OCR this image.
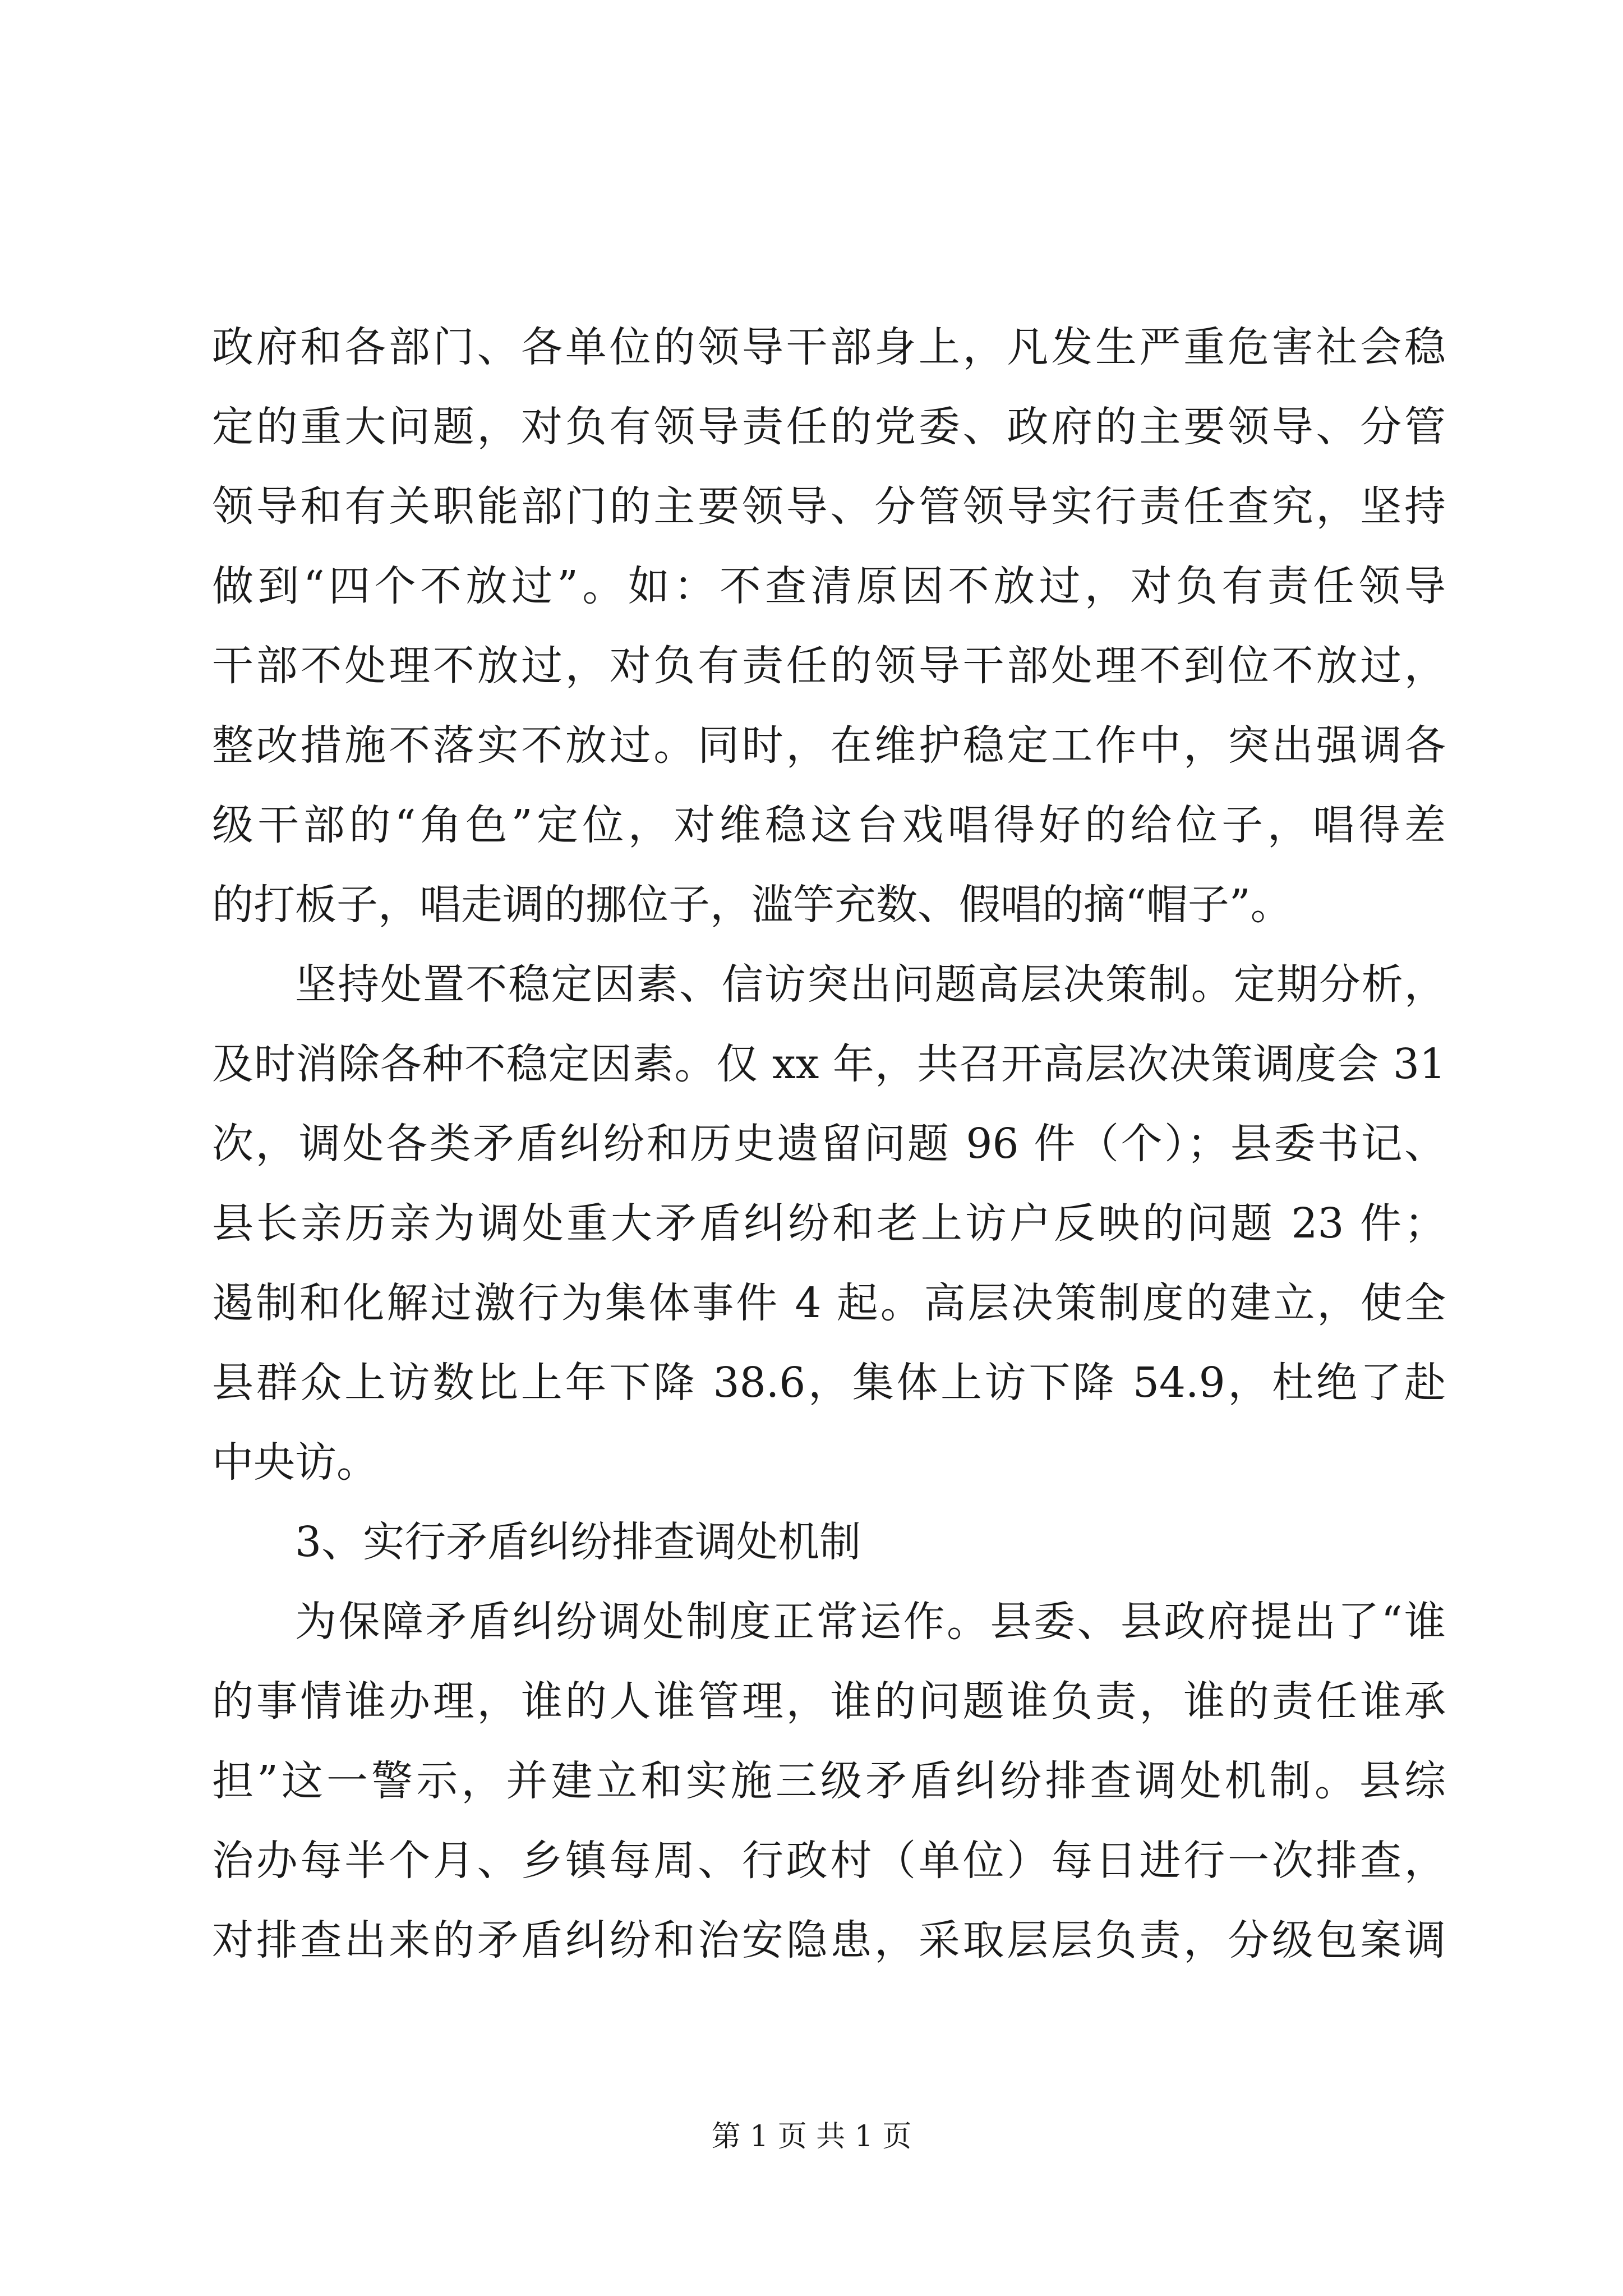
政府和各部门、各单位的领导干部身上，凡发生严重危害社会稳
定的重大问题，对负有领导责任的党委、政府的主要领导、分管
领导和有关职能部门的主要领导、分管领导实行责任查究，坚持
做到“四个不放过”。如：不查清原因不放过，对负有责任领导
干部不处理不放过，对负有责任的领导干部处理不到位不放过，
整改措施不落实不放过。同时，在维护稳定工作中，突出强调各
级干部的“角色”定位，对维稳这台戏唱得好的给位子，唱得差
的打板子，唱走调的挪位子，滥竽充数、假唱的摘“帽子”。
坚持处置不稳定因素、信访突出问题高层决策制。定期分析，
及时消除各种不稳定因素。仅 xx 年，共召开高层次决策调度会 31
次，调处各类矛盾纠纷和历史遗留问题 96 件（个）；县委书记、
县长亲历亲为调处重大矛盾纠纷和老上访户反映的问题 23 件；
遏制和化解过激行为集体事件 4 起。高层决策制度的建立，使全
县群众上访数比上年下降 38.6，集体上访下降 54.9，杜绝了赴
中央访。
3、实行矛盾纠纷排查调处机制
为保障矛盾纠纷调处制度正常运作。县委、县政府提出了“谁
的事情谁办理，谁的人谁管理，谁的问题谁负责，谁的责任谁承
担”这一警示，并建立和实施三级矛盾纠纷排查调处机制。县综
治办每半个月、乡镇每周、行政村（单位）每日进行一次排查，
对排查出来的矛盾纠纷和治安隐患，采取层层负责，分级包案调
第 1 页 共 1 页
